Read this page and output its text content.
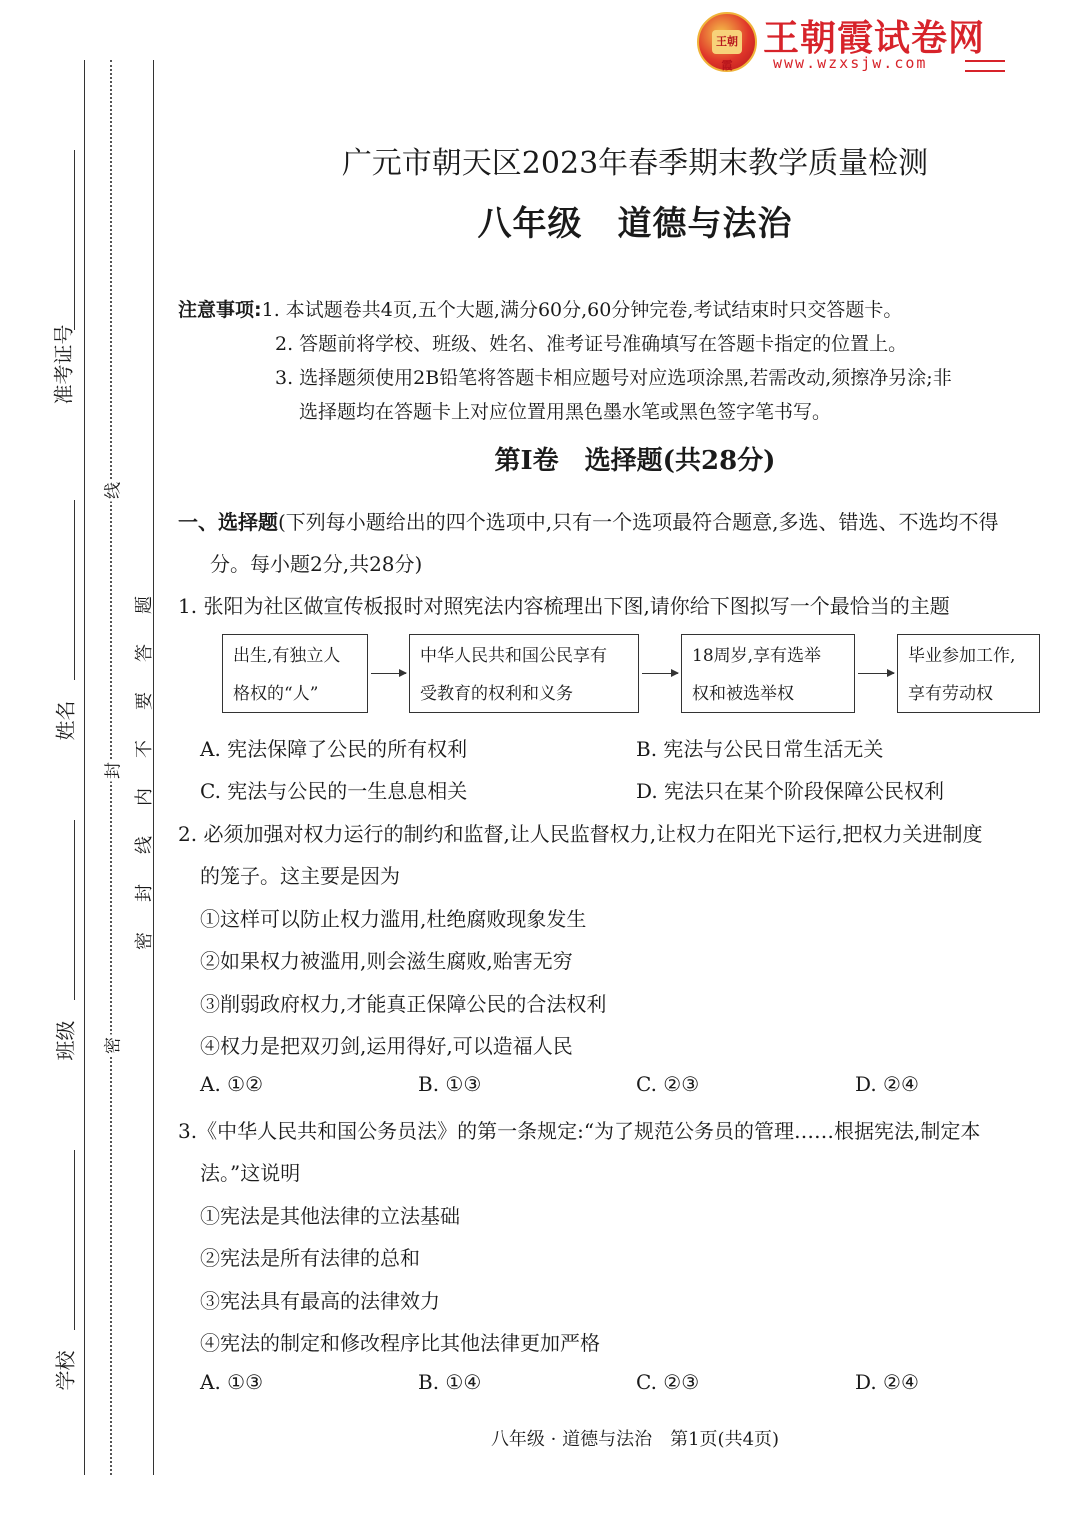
王朝霞
王朝霞试卷网
www.wzxsjw.com
准考证号
姓名
班级
学校
线
封
密
题
答
要
不
内
线
封
密
广元市朝天区2023年春季期末教学质量检测
八年级　道德与法治
注意事项:1. 本试题卷共4页,五个大题,满分60分,60分钟完卷,考试结束时只交答题卡。
2. 答题前将学校、班级、姓名、准考证号准确填写在答题卡指定的位置上。
3. 选择题须使用2B铅笔将答题卡相应题号对应选项涂黑,若需改动,须擦净另涂;非
选择题均在答题卡上对应位置用黑色墨水笔或黑色签字笔书写。
第Ⅰ卷　选择题(共28分)
一、选择题(下列每小题给出的四个选项中,只有一个选项最符合题意,多选、错选、不选均不得
分。每小题2分,共28分)
1. 张阳为社区做宣传板报时对照宪法内容梳理出下图,请你给下图拟写一个最恰当的主题
出生,有独立人
格权的“人”
中华人民共和国公民享有
受教育的权利和义务
18周岁,享有选举
权和被选举权
毕业参加工作,
享有劳动权
A. 宪法保障了公民的所有权利	B. 宪法与公民日常生活无关
C. 宪法与公民的一生息息相关	D. 宪法只在某个阶段保障公民权利
2. 必须加强对权力运行的制约和监督,让人民监督权力,让权力在阳光下运行,把权力关进制度
的笼子。这主要是因为
①这样可以防止权力滥用,杜绝腐败现象发生
②如果权力被滥用,则会滋生腐败,贻害无穷
③削弱政府权力,才能真正保障公民的合法权利
④权力是把双刃剑,运用得好,可以造福人民
A. ①②	B. ①③	C. ②③	D. ②④
3.《中华人民共和国公务员法》的第一条规定:“为了规范公务员的管理……根据宪法,制定本
法。”这说明
①宪法是其他法律的立法基础
②宪法是所有法律的总和
③宪法具有最高的法律效力
④宪法的制定和修改程序比其他法律更加严格
A. ①③	B. ①④	C. ②③	D. ②④
八年级 · 道德与法治　第1页(共4页)
